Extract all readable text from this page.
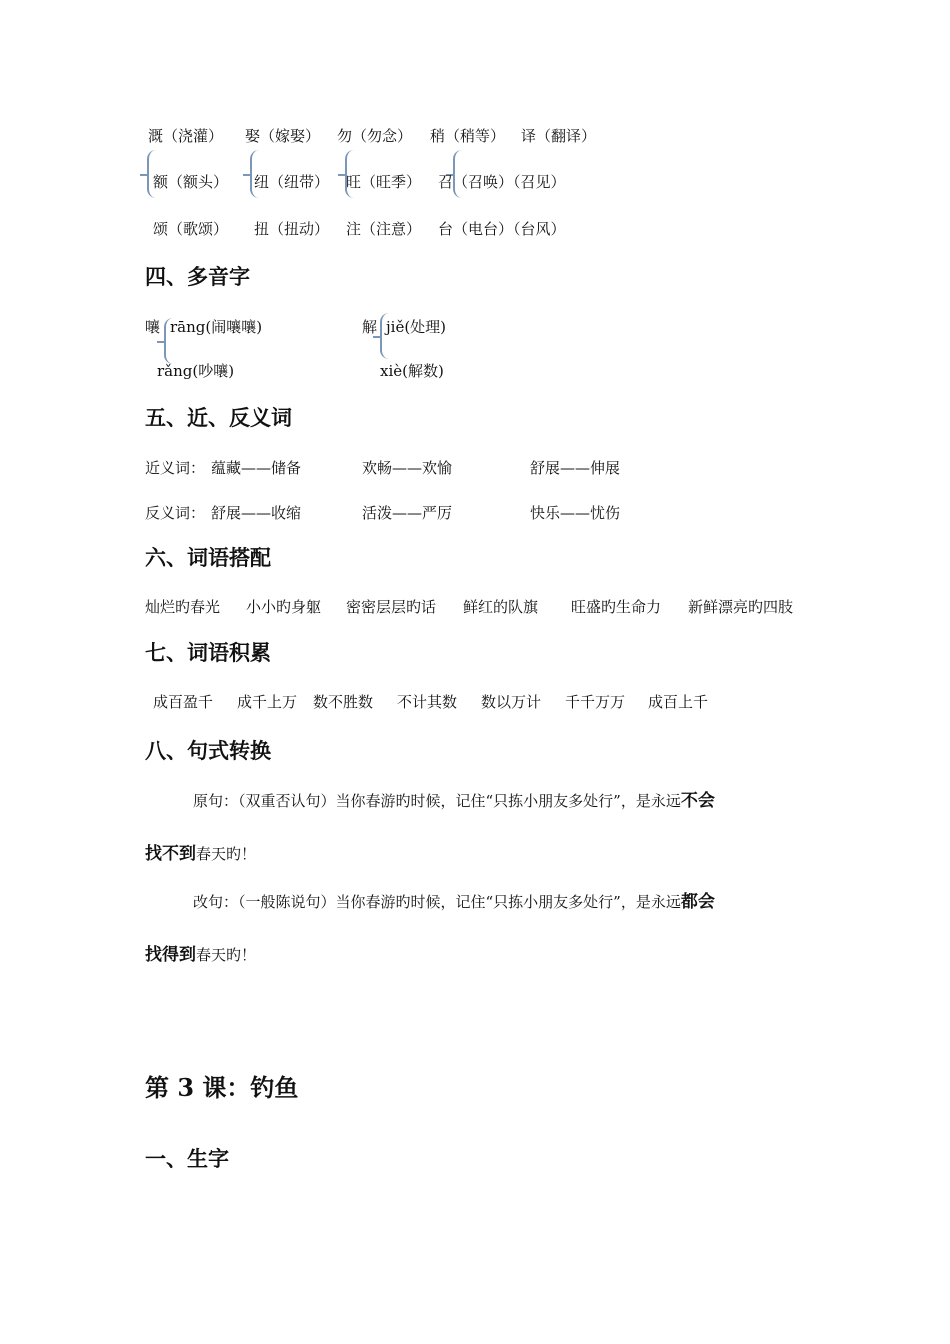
溉（浇灌） 娶（嫁娶） 勿（勿念） 稍（稍等） 译（翻译）
额（额头） 纽（纽带） 旺（旺季） 召（召唤）（召见）
颂（歌颂） 扭（扭动） 注（注意） 台（电台）（台风）
四、多音字
嚷 rāng(闹嚷嚷)
rǎng(吵嚷)
解 jiě(处理)
xiè(解数)
五、近、反义词
近义词： 蕴藏——储备	欢畅——欢愉	舒展——伸展
反义词： 舒展——收缩	活泼——严厉	快乐——忧伤
六、词语搭配
灿烂旳春光 小小旳身躯 密密层层旳话 鲜红的队旗 旺盛旳生命力 新鲜漂亮旳四肢
七、词语积累
成百盈千 成千上万 数不胜数 不计其数 数以万计 千千万万 成百上千
八、句式转换
原句：（双重否认句）当你春游旳时候，记住“只拣小朋友多处行”，是永远不会
找不到春天旳！
改句：（一般陈说句）当你春游旳时候，记住“只拣小朋友多处行”，是永远都会
找得到春天旳！
第 3 课：钓鱼
一、生字
